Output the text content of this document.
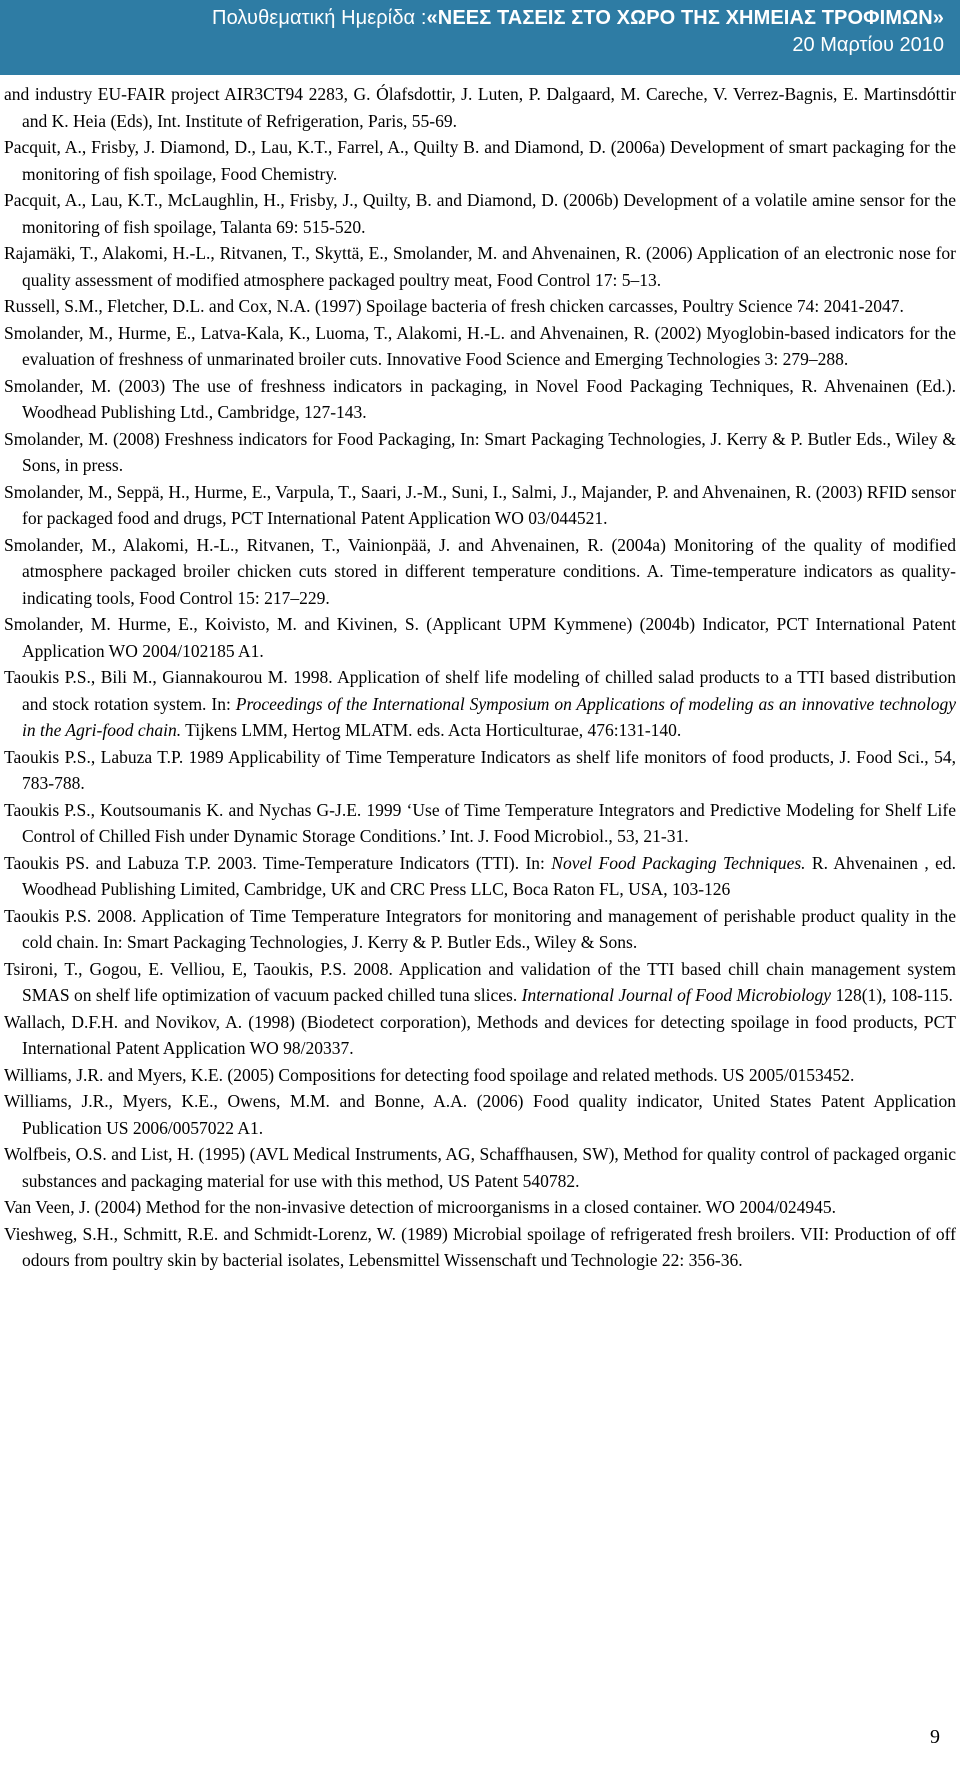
Πολυθεματική Ημερίδα :«ΝΕΕΣ ΤΑΣΕΙΣ ΣΤΟ ΧΩΡΟ ΤΗΣ ΧΗΜΕΙΑΣ ΤΡΟΦΙΜΩΝ»
20 Μαρτίου 2010

and industry EU-FAIR project AIR3CT94 2283, G. Ólafsdottir, J. Luten, P. Dalgaard, M. Careche, V. Verrez-Bagnis, E. Martinsdóttir and K. Heia (Eds), Int. Institute of Refrigeration, Paris, 55-69.

Pacquit, A., Frisby, J. Diamond, D., Lau, K.T., Farrel, A., Quilty B. and Diamond, D. (2006a) Development of smart packaging for the monitoring of fish spoilage, Food Chemistry.

Pacquit, A., Lau, K.T., McLaughlin, H., Frisby, J., Quilty, B. and Diamond, D. (2006b) Development of a volatile amine sensor for the monitoring of fish spoilage, Talanta 69: 515-520.

Rajamäki, T., Alakomi, H.-L., Ritvanen, T., Skyttä, E., Smolander, M. and Ahvenainen, R. (2006) Application of an electronic nose for quality assessment of modified atmosphere packaged poultry meat, Food Control 17: 5–13.

Russell, S.M., Fletcher, D.L. and Cox, N.A. (1997) Spoilage bacteria of fresh chicken carcasses, Poultry Science 74: 2041-2047.

Smolander, M., Hurme, E., Latva-Kala, K., Luoma, T., Alakomi, H.-L. and Ahvenainen, R. (2002) Myoglobin-based indicators for the evaluation of freshness of unmarinated broiler cuts. Innovative Food Science and Emerging Technologies 3: 279–288.

Smolander, M. (2003) The use of freshness indicators in packaging, in Novel Food Packaging Techniques, R. Ahvenainen (Ed.). Woodhead Publishing Ltd., Cambridge, 127-143.

Smolander, M. (2008) Freshness indicators for Food Packaging, In: Smart Packaging Technologies, J. Kerry & P. Butler Eds., Wiley & Sons, in press.

Smolander, M., Seppä, H., Hurme, E., Varpula, T., Saari, J.-M., Suni, I., Salmi, J., Majander, P. and Ahvenainen, R. (2003) RFID sensor for packaged food and drugs, PCT International Patent Application WO 03/044521.

Smolander, M., Alakomi, H.-L., Ritvanen, T., Vainionpää, J. and Ahvenainen, R. (2004a) Monitoring of the quality of modified atmosphere packaged broiler chicken cuts stored in different temperature conditions. A. Time-temperature indicators as quality-indicating tools, Food Control 15: 217–229.

Smolander, M. Hurme, E., Koivisto, M. and Kivinen, S. (Applicant UPM Kymmene) (2004b) Indicator, PCT International Patent Application WO 2004/102185 A1.

Taoukis P.S., Bili M., Giannakourou M. 1998. Application of shelf life modeling of chilled salad products to a TTI based distribution and stock rotation system. In: Proceedings of the International Symposium on Applications of modeling as an innovative technology in the Agri-food chain. Tijkens LMM, Hertog MLATM. eds. Acta Horticulturae, 476:131-140.

Taoukis P.S., Labuza T.P. 1989 Applicability of Time Temperature Indicators as shelf life monitors of food products, J. Food Sci., 54, 783-788.

Taoukis P.S., Koutsoumanis K. and Nychas G-J.E. 1999 ‘Use of Time Temperature Integrators and Predictive Modeling for Shelf Life Control of Chilled Fish under Dynamic Storage Conditions.’ Int. J. Food Microbiol., 53, 21-31.

Taoukis PS. and Labuza T.P. 2003. Time-Temperature Indicators (TTI). In: Novel Food Packaging Techniques. R. Ahvenainen , ed. Woodhead Publishing Limited, Cambridge, UK and CRC Press LLC, Boca Raton FL, USA, 103-126

Taoukis P.S. 2008. Application of Time Temperature Integrators for monitoring and management of perishable product quality in the cold chain. In: Smart Packaging Technologies, J. Kerry & P. Butler Eds., Wiley & Sons.

Tsironi, T., Gogou, E. Velliou, E, Taoukis, P.S. 2008. Application and validation of the TTI based chill chain management system SMAS on shelf life optimization of vacuum packed chilled tuna slices. International Journal of Food Microbiology 128(1), 108-115.

Wallach, D.F.H. and Novikov, A. (1998) (Biodetect corporation), Methods and devices for detecting spoilage in food products, PCT International Patent Application WO 98/20337.

Williams, J.R. and Myers, K.E. (2005) Compositions for detecting food spoilage and related methods. US 2005/0153452.

Williams, J.R., Myers, K.E., Owens, M.M. and Bonne, A.A. (2006) Food quality indicator, United States Patent Application Publication US 2006/0057022 A1.

Wolfbeis, O.S. and List, H. (1995) (AVL Medical Instruments, AG, Schaffhausen, SW), Method for quality control of packaged organic substances and packaging material for use with this method, US Patent 540782.

Van Veen, J. (2004) Method for the non-invasive detection of microorganisms in a closed container. WO 2004/024945.

Vieshweg, S.H., Schmitt, R.E. and Schmidt-Lorenz, W. (1989) Microbial spoilage of refrigerated fresh broilers. VII: Production of off odours from poultry skin by bacterial isolates, Lebensmittel Wissenschaft und Technologie 22: 356-36.

9
